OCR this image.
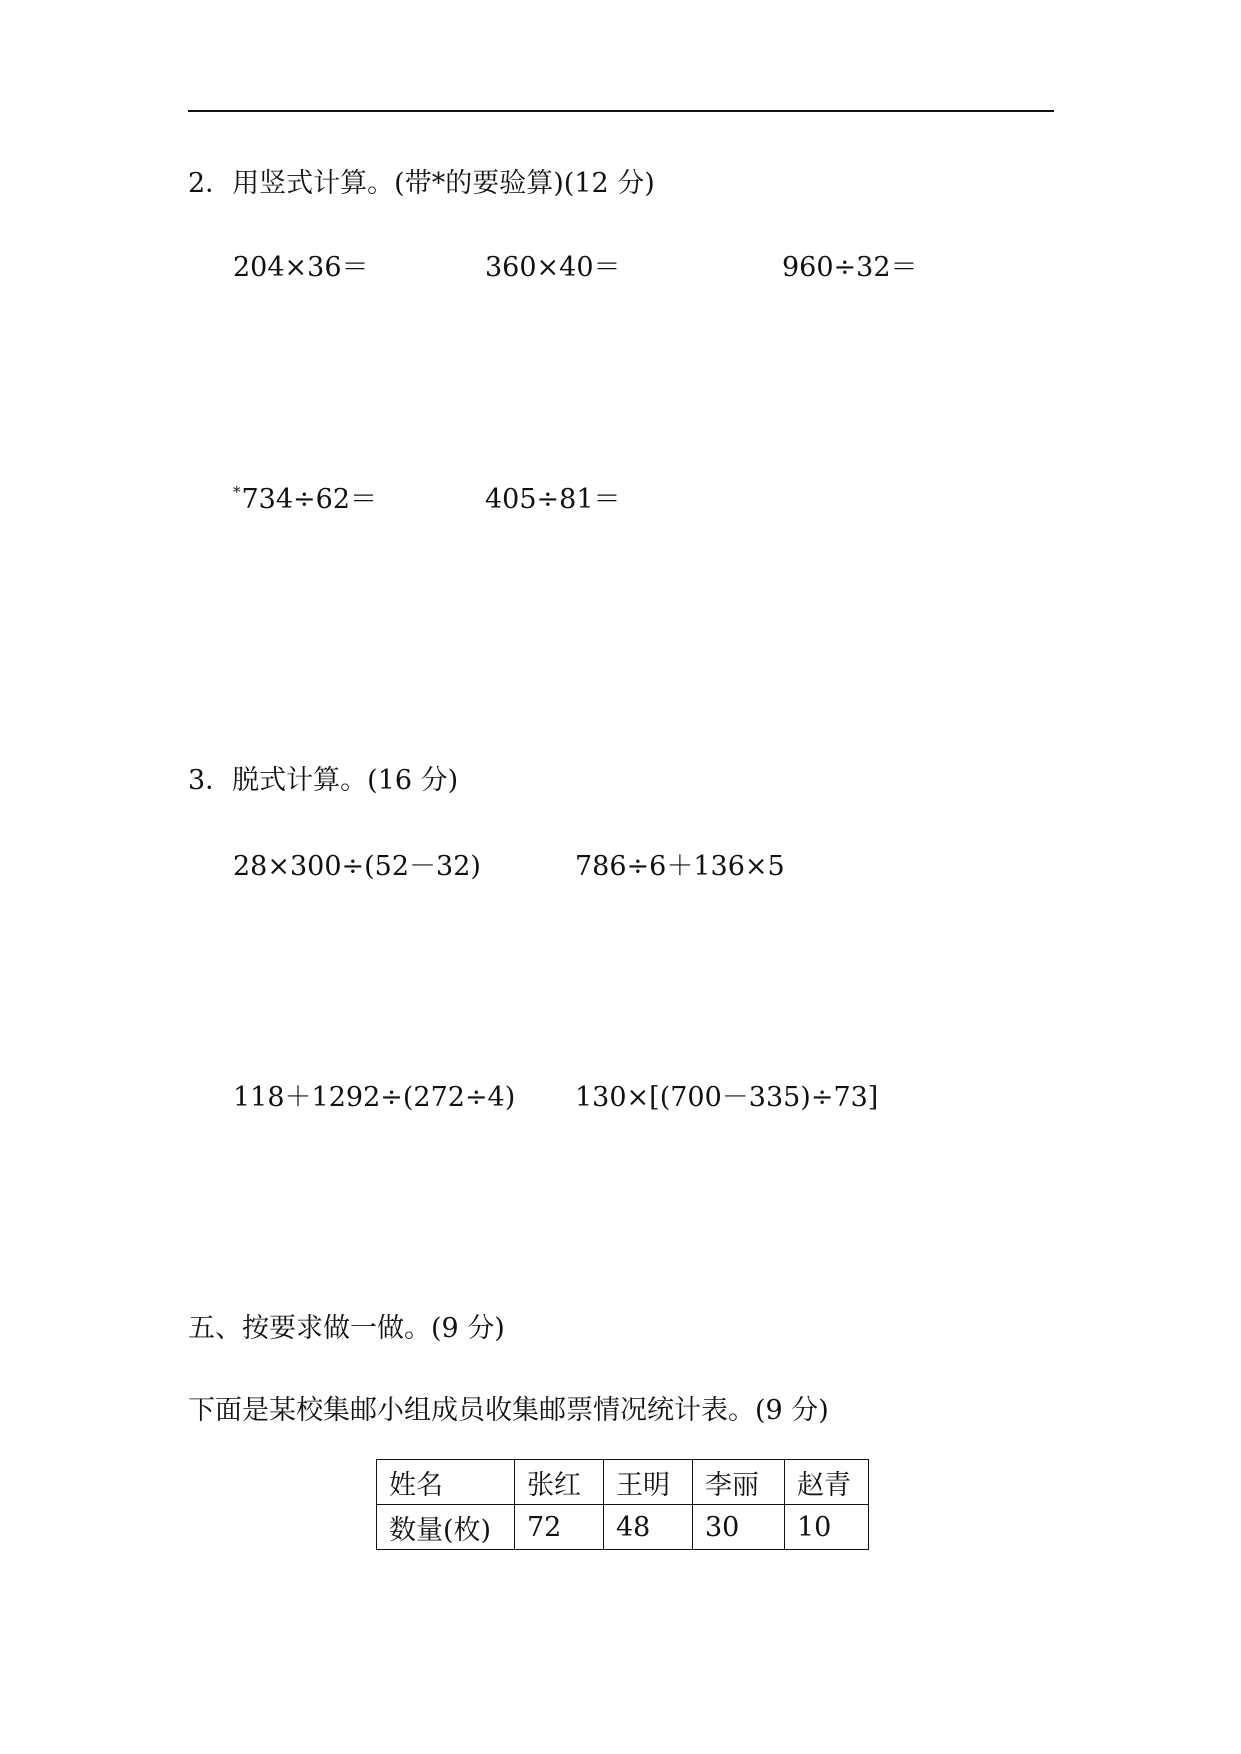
2．用竖式计算。(带*的要验算)(12 分)
204×36＝	360×40＝	960÷32＝
*734÷62＝	405÷81＝
3．脱式计算。(16 分)
28×300÷(52－32)	786÷6＋136×5
118＋1292÷(272÷4) 130×[(700－335)÷73]
五、按要求做一做。(9 分)
下面是某校集邮小组成员收集邮票情况统计表。(9 分)
姓名	张红	王明	李丽	赵青
数量(枚)	72	48	30	10
